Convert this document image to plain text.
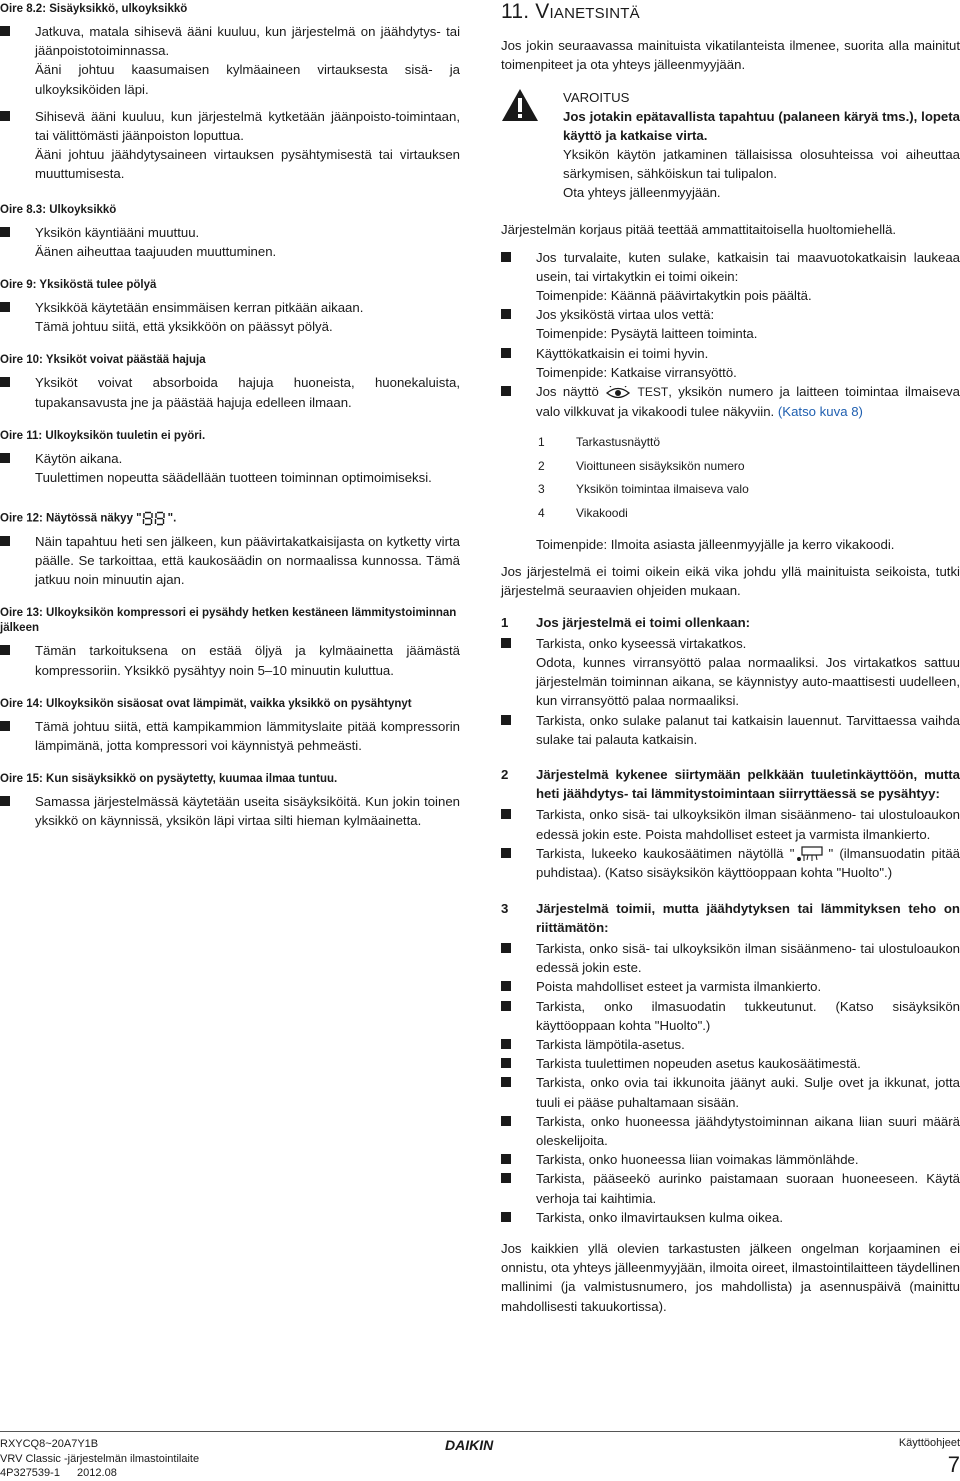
Oire 8.2: Sisäyksikkö, ulkoyksikkö
Jatkuva, matala sihisevä ääni kuuluu, kun järjestelmä on jäähdytys- tai jäänpoistotoiminnassa.
Ääni johtuu kaasumaisen kylmäaineen virtauksesta sisä- ja ulkoyksiköiden läpi.
Sihisevä ääni kuuluu, kun järjestelmä kytketään jäänpoisto-toimintaan, tai välittömästi jäänpoiston loputtua.
Ääni johtuu jäähdytysaineen virtauksen pysähtymisestä tai virtauksen muuttumisesta.
Oire 8.3: Ulkoyksikkö
Yksikön käyntiääni muuttuu.
Äänen aiheuttaa taajuuden muuttuminen.
Oire 9: Yksiköstä tulee pölyä
Yksikköä käytetään ensimmäisen kerran pitkään aikaan.
Tämä johtuu siitä, että yksikköön on päässyt pölyä.
Oire 10: Yksiköt voivat päästää hajuja
Yksiköt voivat absorboida hajuja huoneista, huonekaluista, tupakansavusta jne ja päästää hajuja edelleen ilmaan.
Oire 11: Ulkoyksikön tuuletin ei pyöri.
Käytön aikana.
Tuulettimen nopeutta säädellään tuotteen toiminnan optimoimiseksi.
Oire 12: Näytössä näkyy " ".
Näin tapahtuu heti sen jälkeen, kun päävirtakatkaisijasta on kytketty virta päälle. Se tarkoittaa, että kaukosäädin on normaalissa kunnossa. Tämä jatkuu noin minuutin ajan.
Oire 13: Ulkoyksikön kompressori ei pysähdy hetken kestäneen lämmitystoiminnan jälkeen
Tämän tarkoituksena on estää öljyä ja kylmäainetta jäämästä kompressoriin. Yksikkö pysähtyy noin 5–10 minuutin kuluttua.
Oire 14: Ulkoyksikön sisäosat ovat lämpimät, vaikka yksikkö on pysähtynyt
Tämä johtuu siitä, että kampikammion lämmityslaite pitää kompressorin lämpimänä, jotta kompressori voi käynnistyä pehmeästi.
Oire 15: Kun sisäyksikkö on pysäytetty, kuumaa ilmaa tuntuu.
Samassa järjestelmässä käytetään useita sisäyksiköitä. Kun jokin toinen yksikkö on käynnissä, yksikön läpi virtaa silti hieman kylmäainetta.
11. VIANETSINTÄ

Jos jokin seuraavassa mainituista vikatilanteista ilmenee, suorita alla mainitut toimenpiteet ja ota yhteys jälleenmyyjään.

VAROITUS
Jos jotakin epätavallista tapahtuu (palaneen käryä tms.), lopeta käyttö ja katkaise virta.
Yksikön käytön jatkaminen tällaisissa olosuhteissa voi aiheuttaa särkymisen, sähköiskun tai tulipalon.
Ota yhteys jälleenmyyjään.

Järjestelmän korjaus pitää teettää ammattitaitoisella huoltomiehellä.

Jos turvalaite, kuten sulake, katkaisin tai maavuotokatkaisin laukeaa usein, tai virtakytkin ei toimi oikein:
Toimenpide: Käännä päävirtakytkin pois päältä.
Jos yksiköstä virtaa ulos vettä:
Toimenpide: Pysäytä laitteen toiminta.
Käyttökatkaisin ei toimi hyvin.
Toimenpide: Katkaise virransyöttö.
Jos näyttö	TEST, yksikön numero ja laitteen toimintaa ilmaiseva valo vilkkuvat ja vikakoodi tulee näkyviin. (Katso kuva 8)
1	Tarkastusnäyttö
2	Vioittuneen sisäyksikön numero
3	Yksikön toimintaa ilmaiseva valo
4	Vikakoodi

Toimenpide: Ilmoita asiasta jälleenmyyjälle ja kerro vikakoodi.

Jos järjestelmä ei toimi oikein eikä vika johdu yllä mainituista seikoista, tutki järjestelmä seuraavien ohjeiden mukaan.

1 Jos järjestelmä ei toimi ollenkaan:
Tarkista, onko kyseessä virtakatkos.
Odota, kunnes virransyöttö palaa normaaliksi. Jos virtakatkos sattuu järjestelmän toiminnan aikana, se käynnistyy auto-maattisesti uudelleen, kun virransyöttö palaa normaaliksi.
Tarkista, onko sulake palanut tai katkaisin lauennut. Tarvittaessa vaihda sulake tai palauta katkaisin.
2 Järjestelmä kykenee siirtymään pelkkään tuuletinkäyttöön, mutta heti jäähdytys- tai lämmitystoimintaan siirryttäessä se pysähtyy:
Tarkista, onko sisä- tai ulkoyksikön ilman sisäänmeno- tai ulostuloaukon edessä jokin este. Poista mahdolliset esteet ja varmista ilmankierto.
Tarkista, lukeeko kaukosäätimen näytöllä "	" (ilmansuodatin pitää puhdistaa). (Katso sisäyksikön käyttöoppaan kohta "Huolto".)
3 Järjestelmä toimii, mutta jäähdytyksen tai lämmityksen teho on riittämätön:
Tarkista, onko sisä- tai ulkoyksikön ilman sisäänmeno- tai ulostuloaukon edessä jokin este.
Poista mahdolliset esteet ja varmista ilmankierto.
Tarkista, onko ilmasuodatin tukkeutunut. (Katso sisäyksikön käyttöoppaan kohta "Huolto".)
Tarkista lämpötila-asetus.
Tarkista tuulettimen nopeuden asetus kaukosäätimestä.
Tarkista, onko ovia tai ikkunoita jäänyt auki. Sulje ovet ja ikkunat, jotta tuuli ei pääse puhaltamaan sisään.
Tarkista, onko huoneessa jäähdytystoiminnan aikana liian suuri määrä oleskelijoita.
Tarkista, onko huoneessa liian voimakas lämmönlähde.
Tarkista, pääseekö aurinko paistamaan suoraan huoneeseen. Käytä verhoja tai kaihtimia.
Tarkista, onko ilmavirtauksen kulma oikea.

Jos kaikkien yllä olevien tarkastusten jälkeen ongelman korjaaminen ei onnistu, ota yhteys jälleenmyyjään, ilmoita oireet, ilmastointilaitteen täydellinen mallinimi (ja valmistusnumero, jos mahdollista) ja asennuspäivä (mainittu mahdollisesti takuukortissa).

RXYCQ8~20A7Y1B
VRV Classic -järjestelmän ilmastointilaite
4P327539-1   2012.08
DAIKIN	Käyttöohjeet
7
